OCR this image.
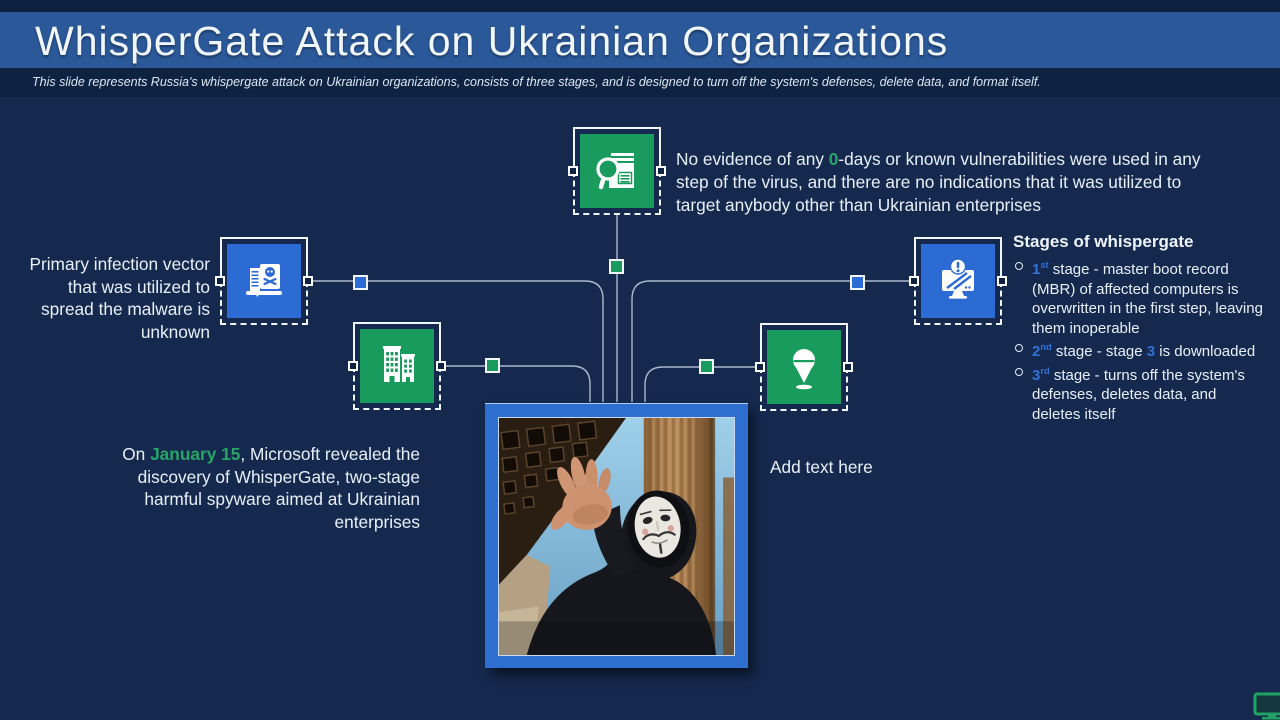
WhisperGate Attack on Ukrainian Organizations

This slide represents Russia's whispergate attack on Ukrainian organizations, consists of three stages, and is designed to turn off the system's defenses, delete data, and format itself.

No evidence of any 0-days or known vulnerabilities were used in any step of the virus, and there are no indications that it was utilized to target anybody other than Ukrainian enterprises

Primary infection vector that was utilized to spread the malware is unknown

On January 15, Microsoft revealed the discovery of WhisperGate, two-stage harmful spyware aimed at Ukrainian enterprises

Add text here

Stages of whispergate
1st stage - master boot record (MBR) of affected computers is overwritten in the first step, leaving them inoperable
2nd stage - stage 3 is downloaded
3rd stage - turns off the system's defenses, deletes data, and deletes itself
